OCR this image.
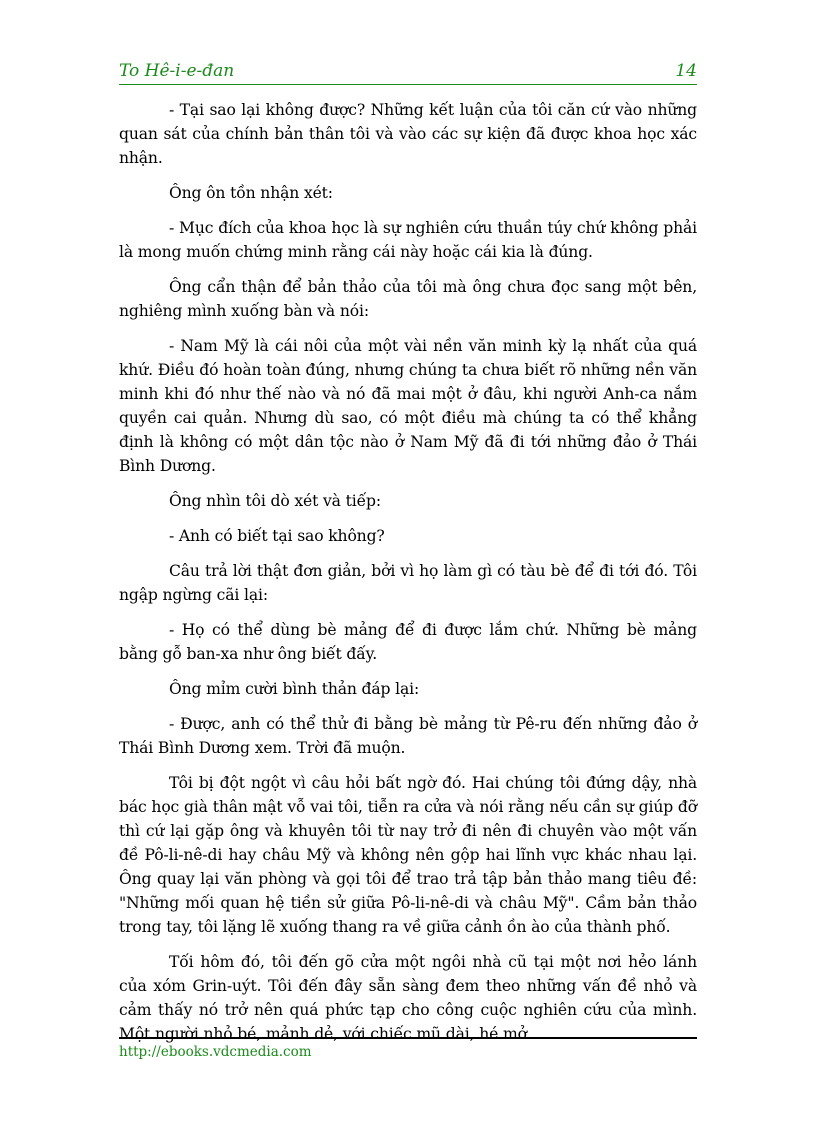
To Hê-i-e-đan	14

- Tại sao lại không được? Những kết luận của tôi căn cứ vào những quan sát của chính bản thân tôi và vào các sự kiện đã được khoa học xác nhận.

Ông ôn tồn nhận xét:

- Mục đích của khoa học là sự nghiên cứu thuần túy chứ không phải là mong muốn chứng minh rằng cái này hoặc cái kia là đúng.

Ông cẩn thận để bản thảo của tôi mà ông chưa đọc sang một bên, nghiêng mình xuống bàn và nói:

- Nam Mỹ là cái nôi của một vài nền văn minh kỳ lạ nhất của quá khứ. Điều đó hoàn toàn đúng, nhưng chúng ta chưa biết rõ những nền văn minh khi đó như thế nào và nó đã mai một ở đâu, khi người Anh-ca nắm quyền cai quản. Nhưng dù sao, có một điều mà chúng ta có thể khẳng định là không có một dân tộc nào ở Nam Mỹ đã đi tới những đảo ở Thái Bình Dương.

Ông nhìn tôi dò xét và tiếp:

- Anh có biết tại sao không?

Câu trả lời thật đơn giản, bởi vì họ làm gì có tàu bè để đi tới đó. Tôi ngập ngừng cãi lại:

- Họ có thể dùng bè mảng để đi được lắm chứ. Những bè mảng bằng gỗ ban-xa như ông biết đấy.

Ông mỉm cười bình thản đáp lại:

- Được, anh có thể thử đi bằng bè mảng từ Pê-ru đến những đảo ở Thái Bình Dương xem. Trời đã muộn.

Tôi bị đột ngột vì câu hỏi bất ngờ đó. Hai chúng tôi đứng dậy, nhà bác học già thân mật vỗ vai tôi, tiễn ra cửa và nói rằng nếu cần sự giúp đỡ thì cứ lại gặp ông và khuyên tôi từ nay trở đi nên đi chuyên vào một vấn đề Pô-li-nê-di hay châu Mỹ và không nên gộp hai lĩnh vực khác nhau lại. Ông quay lại văn phòng và gọi tôi để trao trả tập bản thảo mang tiêu đề: "Những mối quan hệ tiền sử giữa Pô-li-nê-di và châu Mỹ". Cầm bản thảo trong tay, tôi lặng lẽ xuống thang ra về giữa cảnh ồn ào của thành phố.

Tối hôm đó, tôi đến gõ cửa một ngôi nhà cũ tại một nơi hẻo lánh của xóm Grin-uýt. Tôi đến đây sẵn sàng đem theo những vấn đề nhỏ và cảm thấy nó trở nên quá phức tạp cho công cuộc nghiên cứu của mình. Một người nhỏ bé, mảnh dẻ, với chiếc mũ dài, hé mở

http://ebooks.vdcmedia.com
